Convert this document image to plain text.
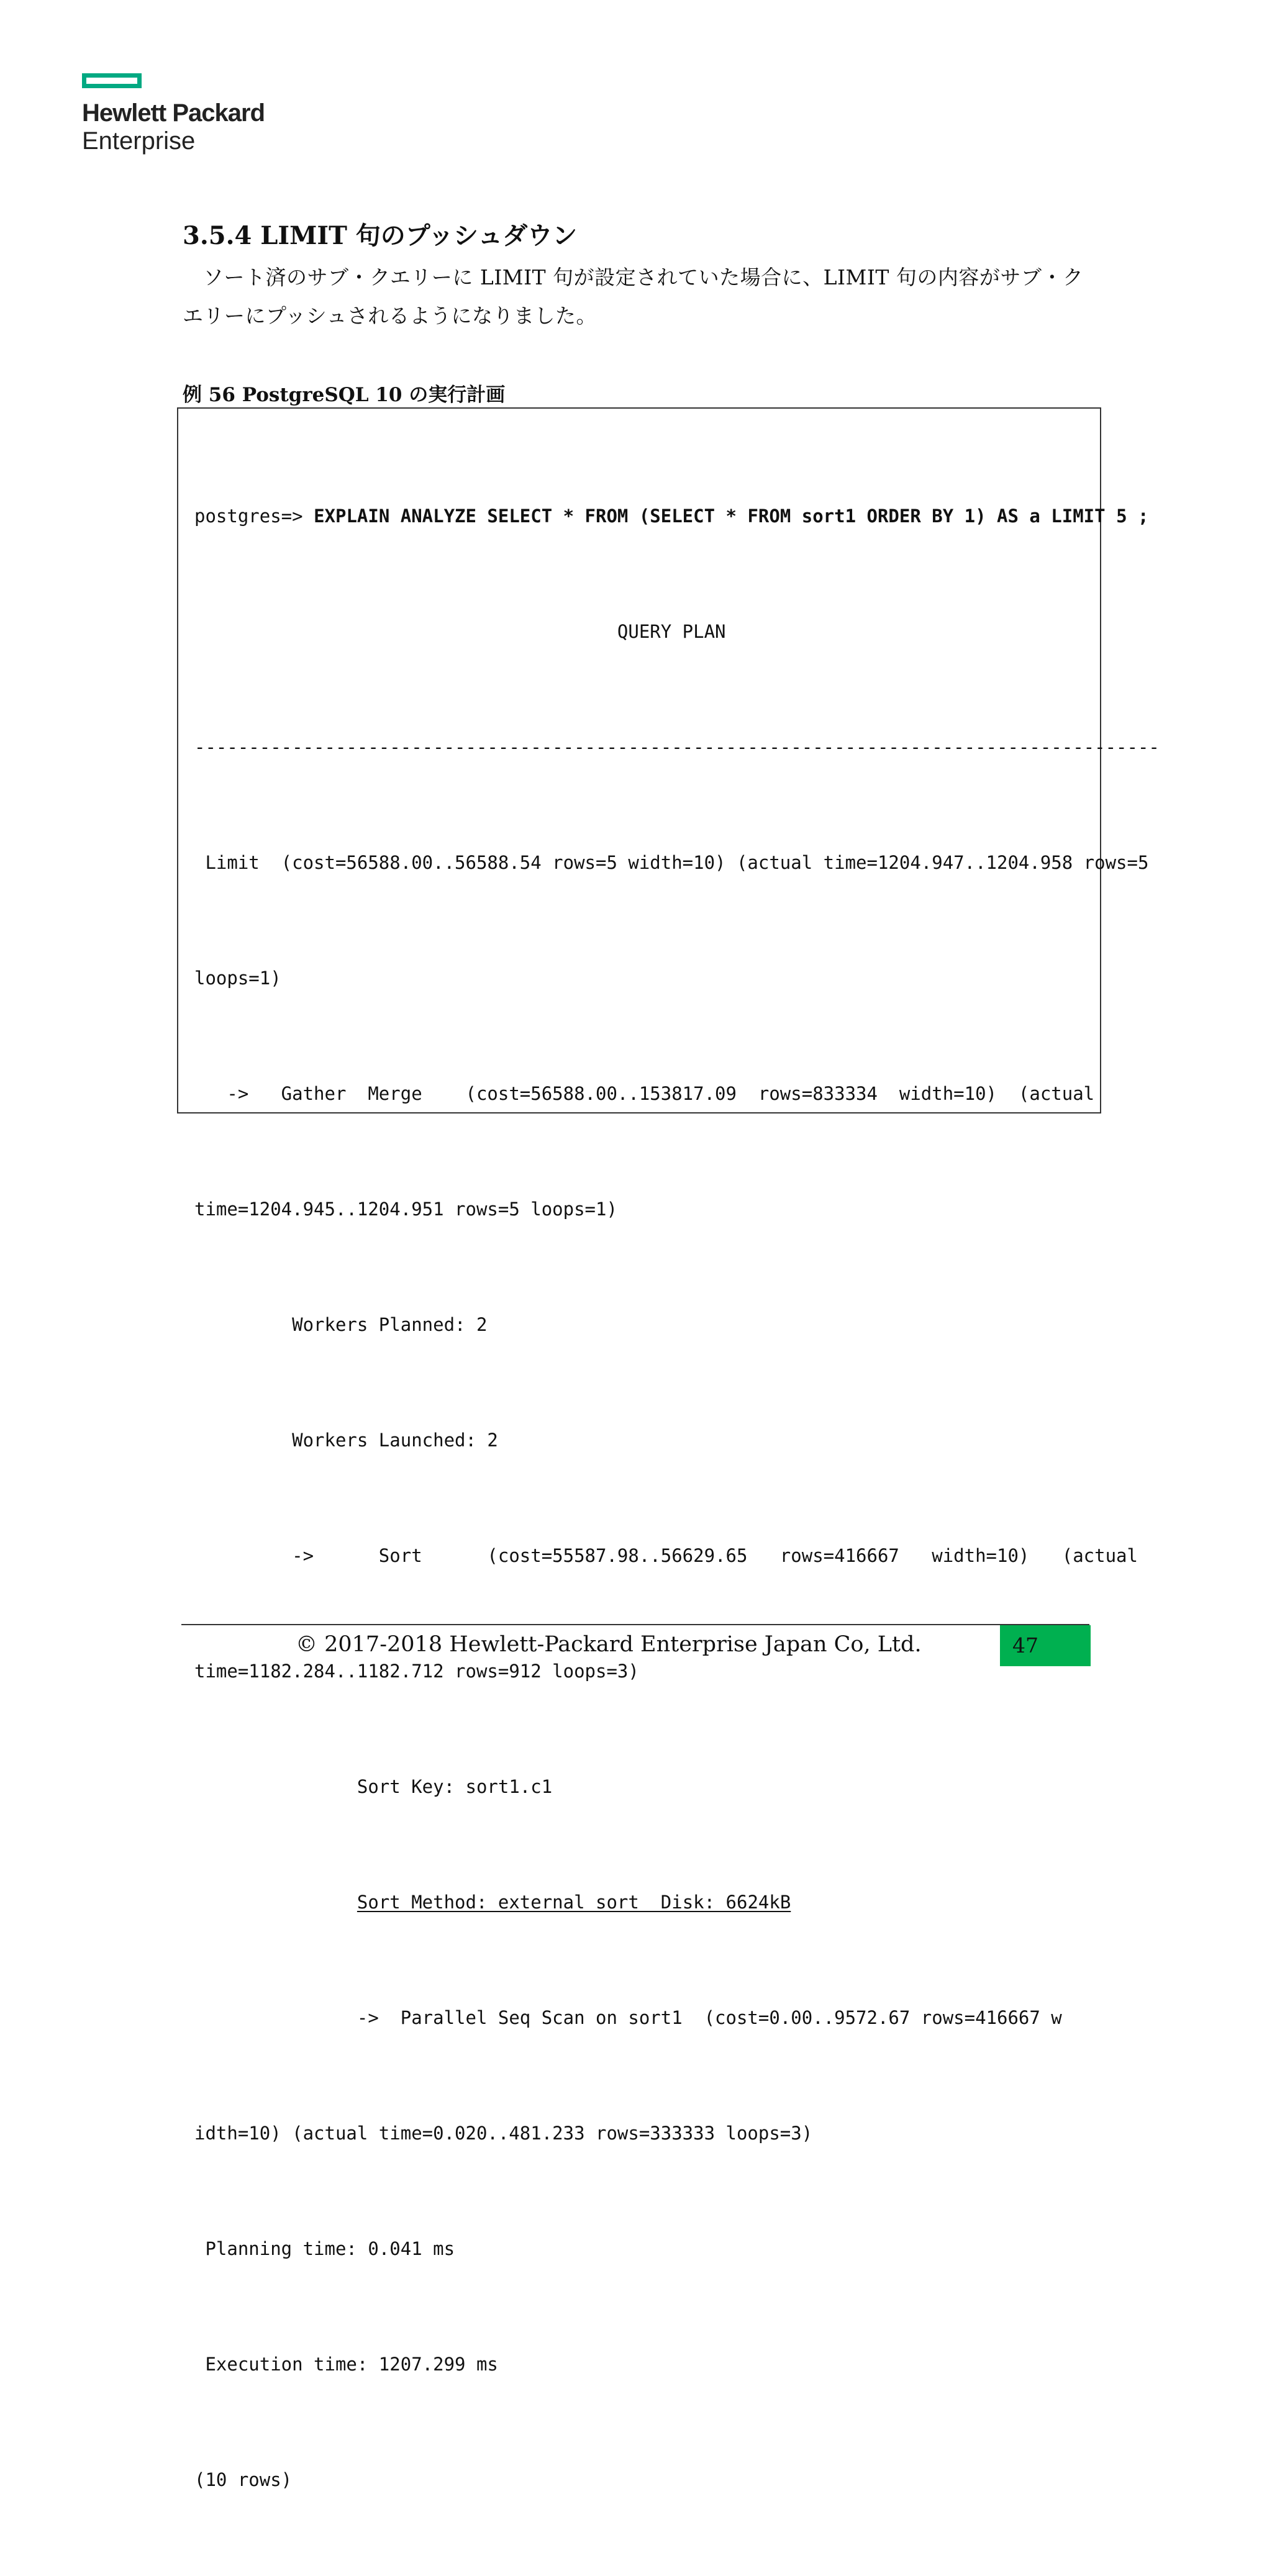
Hewlett Packard
Enterprise
3.5.4 LIMIT 句のプッシュダウン
ソート済のサブ・クエリーに LIMIT 句が設定されていた場合に、LIMIT 句の内容がサブ・クエリーにプッシュされるようになりました。
例 56 PostgreSQL 10 の実行計画

postgres=> EXPLAIN ANALYZE SELECT * FROM (SELECT * FROM sort1 ORDER BY 1) AS a LIMIT 5 ;

QUERY PLAN

-----------------------------------------------------------------------------------------

Limit  (cost=56588.00..56588.54 rows=5 width=10) (actual time=1204.947..1204.958 rows=5

loops=1)

->   Gather  Merge    (cost=56588.00..153817.09  rows=833334  width=10)  (actual

time=1204.945..1204.951 rows=5 loops=1)

Workers Planned: 2

Workers Launched: 2

->      Sort      (cost=55587.98..56629.65   rows=416667   width=10)   (actual

time=1182.284..1182.712 rows=912 loops=3)

Sort Key: sort1.c1

Sort Method: external sort  Disk: 6624kB

->  Parallel Seq Scan on sort1  (cost=0.00..9572.67 rows=416667 w

idth=10) (actual time=0.020..481.233 rows=333333 loops=3)

Planning time: 0.041 ms

Execution time: 1207.299 ms

(10 rows)

© 2017-2018 Hewlett-Packard Enterprise Japan Co, Ltd.	47
